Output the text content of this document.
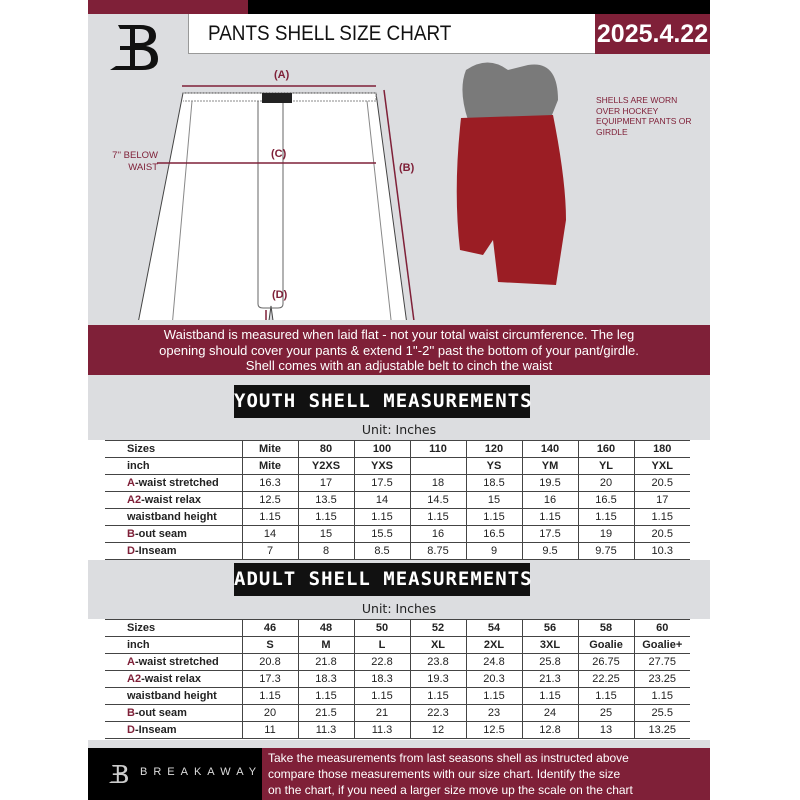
PANTS SHELL SIZE CHART	2025.4.22
(A)
(C)
(B)
(D)
7'' BELOW WAIST
SHELLS ARE WORN OVER HOCKEY EQUIPMENT PANTS OR GIRDLE
Waistband is measured when laid flat - not your total waist circumference. The leg
opening should cover your pants & extend 1''-2'' past the bottom of your pant/girdle.
Shell comes with an adjustable belt to cinch the waist
YOUTH SHELL MEASUREMENTS
Unit: Inches
Sizes	Mite	80	100	110	120	140	160	180
inch	Mite	Y2XS	YXS		YS	YM	YL	YXL
A-waist stretched	16.3	17	17.5	18	18.5	19.5	20	20.5
A2-waist relax	12.5	13.5	14	14.5	15	16	16.5	17
waistband height	1.15	1.15	1.15	1.15	1.15	1.15	1.15	1.15
B-out seam	14	15	15.5	16	16.5	17.5	19	20.5
D-Inseam	7	8	8.5	8.75	9	9.5	9.75	10.3
ADULT SHELL MEASUREMENTS
Unit: Inches
Sizes	46	48	50	52	54	56	58	60
inch	S	M	L	XL	2XL	3XL	Goalie	Goalie+
A-waist stretched	20.8	21.8	22.8	23.8	24.8	25.8	26.75	27.75
A2-waist relax	17.3	18.3	18.3	19.3	20.3	21.3	22.25	23.25
waistband height	1.15	1.15	1.15	1.15	1.15	1.15	1.15	1.15
B-out seam	20	21.5	21	22.3	23	24	25	25.5
D-Inseam	11	11.3	11.3	12	12.5	12.8	13	13.25
BREAKAWAY
Take the measurements from last seasons shell as instructed above
compare those measurements with our size chart. Identify the size
on the chart, if you need a larger size move up the scale on the chart
